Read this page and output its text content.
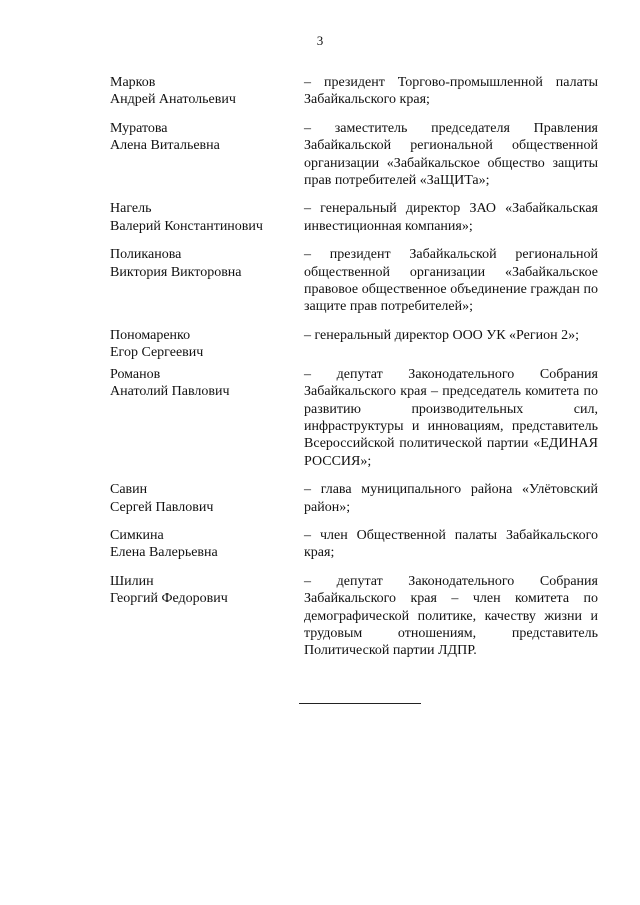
3
Марков
Андрей Анатольевич
– президент Торгово-промышленной палаты Забайкальского края;
Муратова
Алена Витальевна
– заместитель председателя Правления Забайкальской региональной общественной организации «Забайкальское общество защиты прав потребителей «ЗаЩИТа»;
Нагель
Валерий Константинович
– генеральный директор ЗАО «Забайкальская инвестиционная компания»;
Поликанова
Виктория Викторовна
– президент Забайкальской региональной общественной организации «Забайкальское правовое общественное объединение граждан по защите прав потребителей»;
Пономаренко
Егор Сергеевич
– генеральный директор ООО УК «Регион 2»;
Романов
Анатолий Павлович
– депутат Законодательного Собрания Забайкальского края – председатель комитета по развитию производительных сил, инфраструктуры и инновациям, представитель Всероссийской политической партии «ЕДИНАЯ РОССИЯ»;
Савин
Сергей Павлович
– глава муниципального района «Улётовский район»;
Симкина
Елена Валерьевна
– член Общественной палаты Забайкальского края;
Шилин
Георгий Федорович
– депутат Законодательного Собрания Забайкальского края – член комитета по демографической политике, качеству жизни и трудовым отношениям, представитель Политической партии ЛДПР.
